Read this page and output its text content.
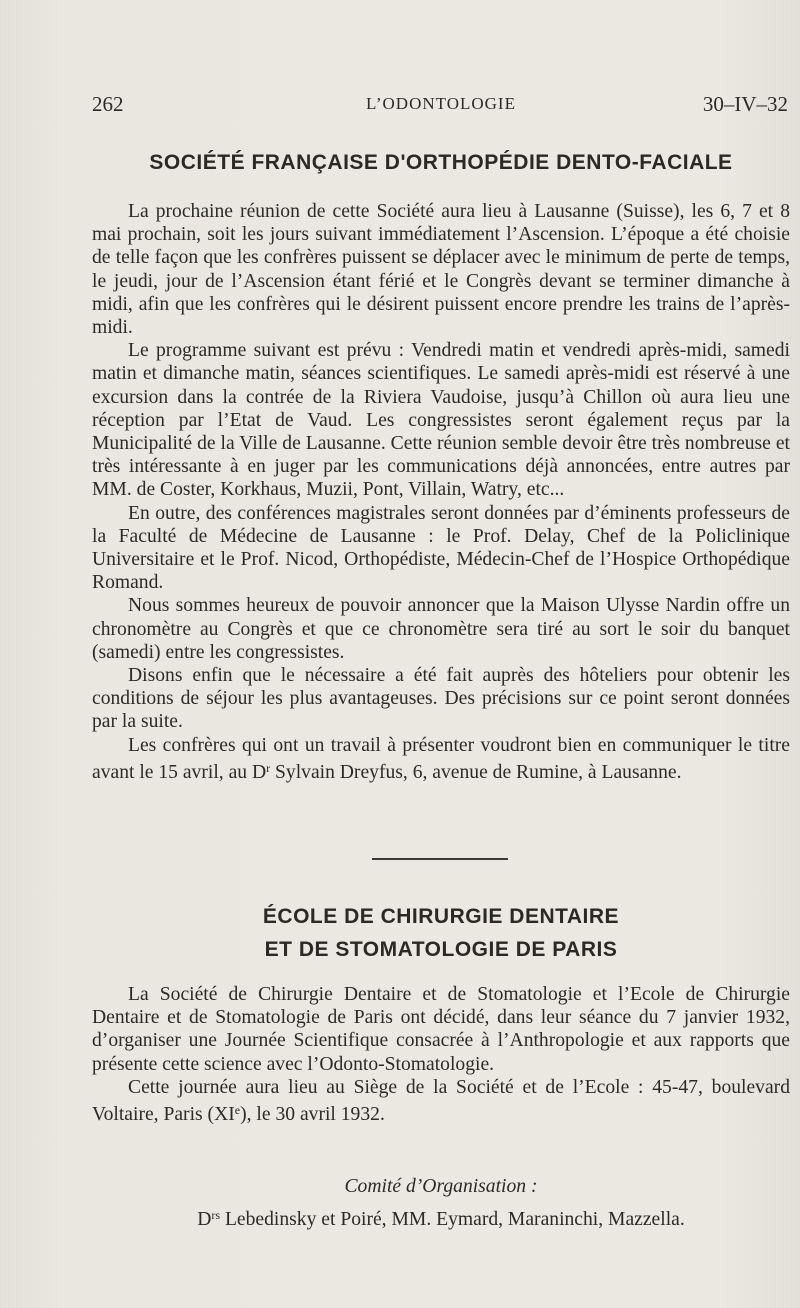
262	L’ODONTOLOGIE	30–IV–32
SOCIÉTÉ FRANÇAISE D'ORTHOPÉDIE DENTO-FACIALE

La prochaine réunion de cette Société aura lieu à Lausanne (Suisse), les 6, 7 et 8 mai prochain, soit les jours suivant immédiatement l’Ascension. L’époque a été choisie de telle façon que les confrères puissent se déplacer avec le minimum de perte de temps, le jeudi, jour de l’Ascension étant férié et le Congrès devant se terminer dimanche à midi, afin que les confrères qui le désirent puissent encore prendre les trains de l’après-midi.

Le programme suivant est prévu : Vendredi matin et vendredi après-midi, samedi matin et dimanche matin, séances scientifiques. Le samedi après-midi est réservé à une excursion dans la contrée de la Riviera Vaudoise, jusqu’à Chillon où aura lieu une réception par l’Etat de Vaud. Les congressistes seront également reçus par la Municipalité de la Ville de Lausanne. Cette réunion semble devoir être très nombreuse et très intéressante à en juger par les communications déjà annoncées, entre autres par MM. de Coster, Korkhaus, Muzii, Pont, Villain, Watry, etc...

En outre, des conférences magistrales seront données par d’éminents professeurs de la Faculté de Médecine de Lausanne : le Prof. Delay, Chef de la Policlinique Universitaire et le Prof. Nicod, Orthopédiste, Médecin-Chef de l’Hospice Orthopédique Romand.

Nous sommes heureux de pouvoir annoncer que la Maison Ulysse Nardin offre un chronomètre au Congrès et que ce chronomètre sera tiré au sort le soir du banquet (samedi) entre les congressistes.

Disons enfin que le nécessaire a été fait auprès des hôteliers pour obtenir les conditions de séjour les plus avantageuses. Des précisions sur ce point seront données par la suite.

Les confrères qui ont un travail à présenter voudront bien en communiquer le titre avant le 15 avril, au $D^r$ Sylvain Dreyfus, 6, avenue de Rumine, à Lausanne.

ÉCOLE DE CHIRURGIE DENTAIRE
ET DE STOMATOLOGIE DE PARIS

La Société de Chirurgie Dentaire et de Stomatologie et l’Ecole de Chirurgie Dentaire et de Stomatologie de Paris ont décidé, dans leur séance du 7 janvier 1932, d’organiser une Journée Scientifique consacrée à l’Anthropologie et aux rapports que présente cette science avec l’Odonto-Stomatologie.

Cette journée aura lieu au Siège de la Société et de l’Ecole : 45-47, boulevard Voltaire, Paris (XIe), le 30 avril 1932.

Comité d’Organisation :
$D^{rs}$ Lebedinsky et Poiré, MM. Eymard, Maraninchi, Mazzella.
